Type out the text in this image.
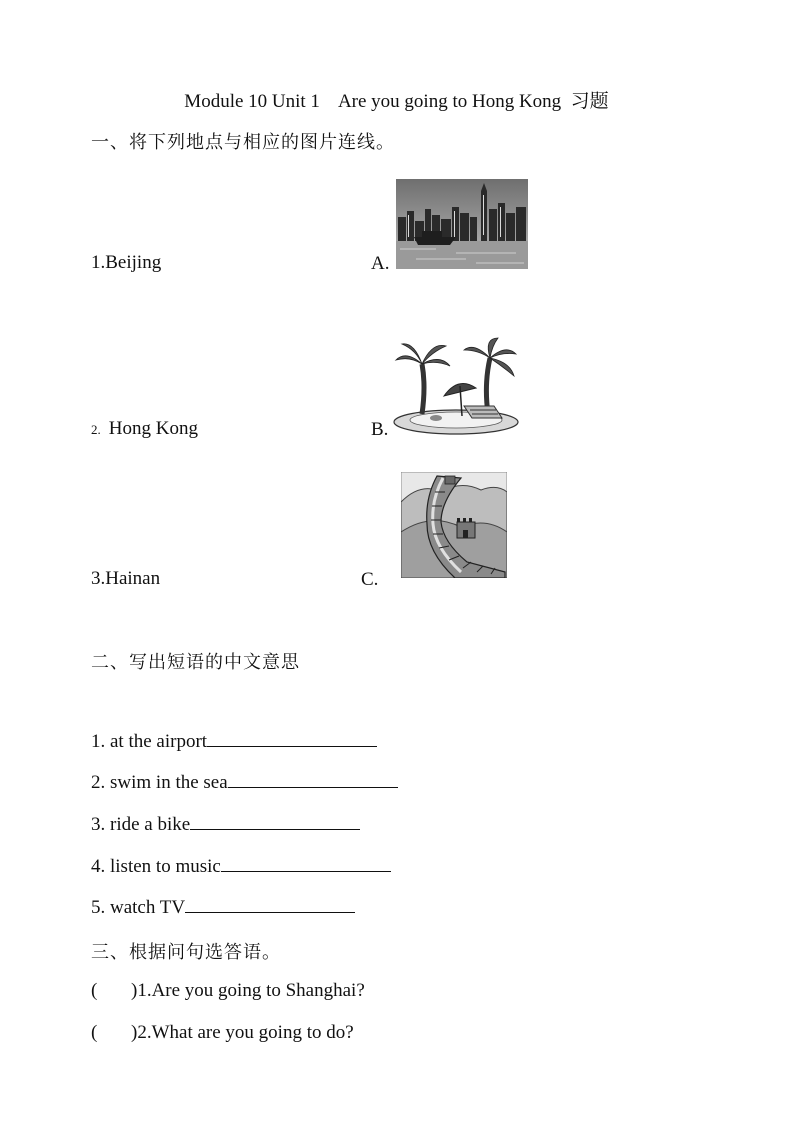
Module 10 Unit 1 Are you going to Hong Kong 习题
一、将下列地点与相应的图片连线。
1.Beijing
2. Hong Kong
3.Hainan
A.
B.
C.
二、写出短语的中文意思
1. at the airport
2. swim in the sea
3. ride a bike
4. listen to music
5. watch TV
三、根据问句选答语。
( )1.Are you going to Shanghai?
( )2.What are you going to do?
